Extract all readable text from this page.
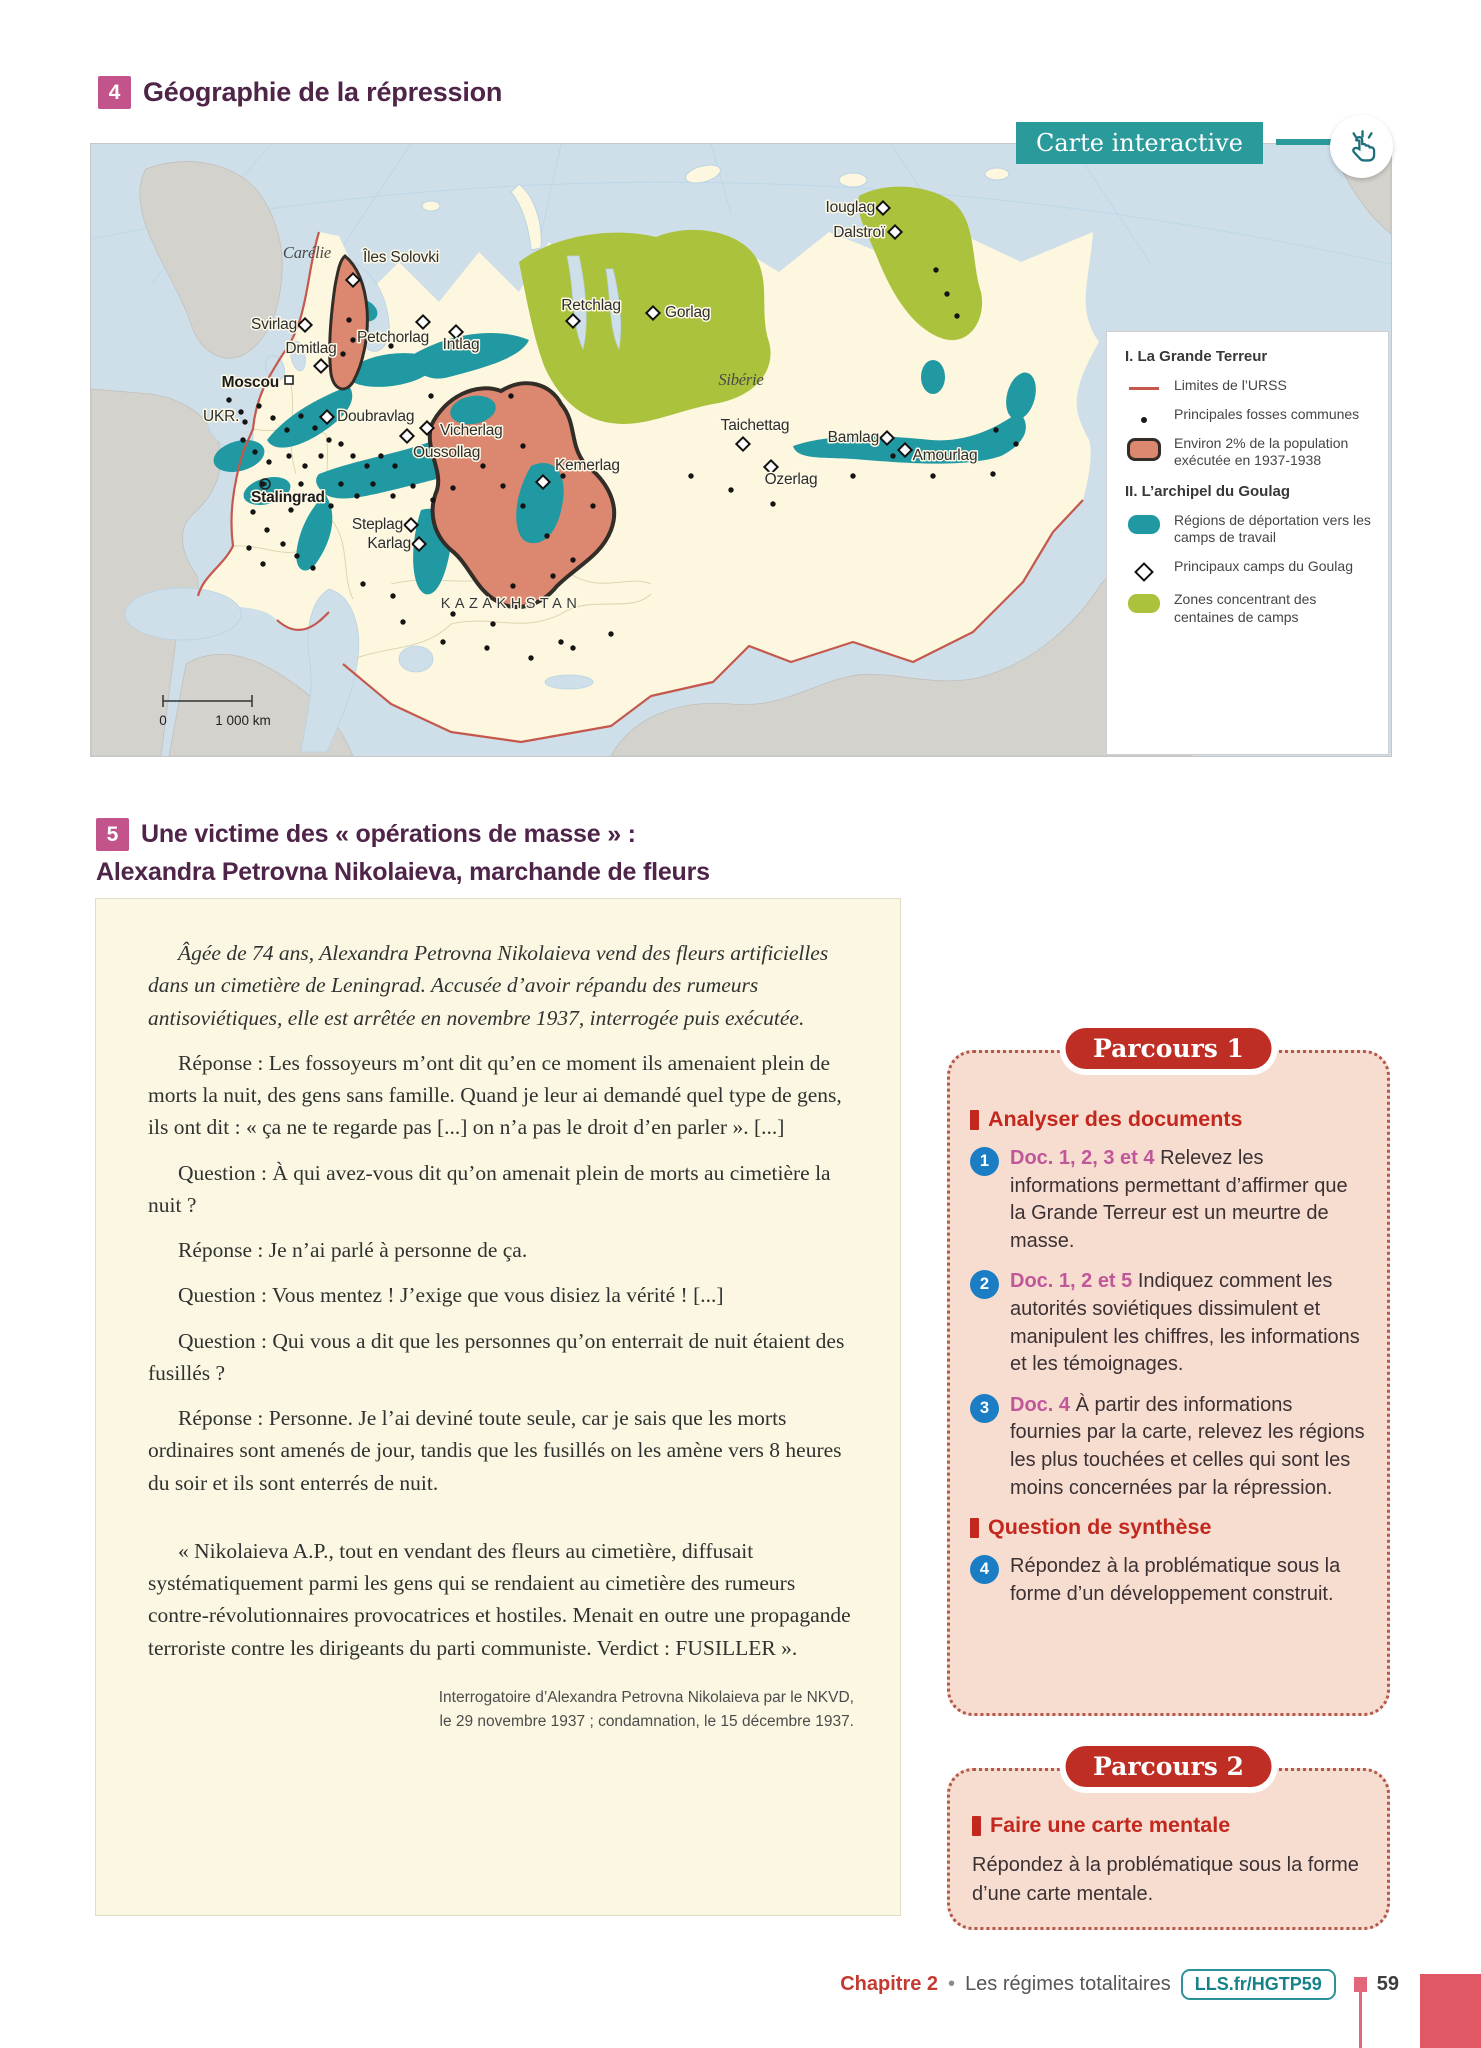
4 Géographie de la répression
Moscou
Stalingrad
Carélie Îles Solovki
Svirlag
Petchorlag
Dmitlag	Intlag
Retchlag	Gorlag
UKR.	Doubravlag
Vicherlag
Oussollag
Kemerlag
Steplag
Karlag
KAZAKHSTAN
Sibérie
Taichettag
Ozerlag
Bamlag
Amourlag
Iouglag
Dalstroï
0	1 000 km
I. La Grande Terreur
Limites de l’URSS
Principales fosses communes
Environ 2% de la population exécutée en 1937-1938
II. L’archipel du Goulag
Régions de déportation vers les camps de travail
Principaux camps du Goulag
Zones concentrant des centaines de camps
Carte interactive
5 Une victime des « opérations de masse » :
Alexandra Petrovna Nikolaieva, marchande de fleurs

Âgée de 74 ans, Alexandra Petrovna Nikolaieva vend des fleurs artificielles dans un cimetière de Leningrad. Accusée d’avoir répandu des rumeurs antisoviétiques, elle est arrêtée en novembre 1937, interrogée puis exécutée.

Réponse : Les fossoyeurs m’ont dit qu’en ce moment ils amenaient plein de morts la nuit, des gens sans famille. Quand je leur ai demandé quel type de gens, ils ont dit : « ça ne te regarde pas [...] on n’a pas le droit d’en parler ». [...]

Question : À qui avez-vous dit qu’on amenait plein de morts au cimetière la nuit ?

Réponse : Je n’ai parlé à personne de ça.

Question : Vous mentez ! J’exige que vous disiez la vérité ! [...]

Question : Qui vous a dit que les personnes qu’on enterrait de nuit étaient des fusillés ?

Réponse : Personne. Je l’ai deviné toute seule, car je sais que les morts ordinaires sont amenés de jour, tandis que les fusillés on les amène vers 8 heures du soir et ils sont enterrés de nuit.

« Nikolaieva A.P., tout en vendant des fleurs au cimetière, diffusait systématiquement parmi les gens qui se rendaient au cimetière des rumeurs contre-révolutionnaires provocatrices et hostiles. Menait en outre une propagande terroriste contre les dirigeants du parti communiste. Verdict : FUSILLER ».

Interrogatoire d’Alexandra Petrovna Nikolaieva par le NKVD,
le 29 novembre 1937 ; condamnation, le 15 décembre 1937.

Parcours 1
Analyser des documents
1	Doc. 1, 2, 3 et 4 Relevez les informations permettant d’affirmer que la Grande Terreur est un meurtre de masse.
2	Doc. 1, 2 et 5 Indiquez comment les autorités soviétiques dissimulent et manipulent les chiffres, les informations et les témoignages.
3	Doc. 4 À partir des informations fournies par la carte, relevez les régions les plus touchées et celles qui sont les moins concernées par la répression.
Question de synthèse
4	Répondez à la problématique sous la forme d’un développement construit.
Parcours 2
Faire une carte mentale

Répondez à la problématique sous la forme d’une carte mentale.

Chapitre 2 • Les régimes totalitaires	LLS.fr/HGTP59	59
